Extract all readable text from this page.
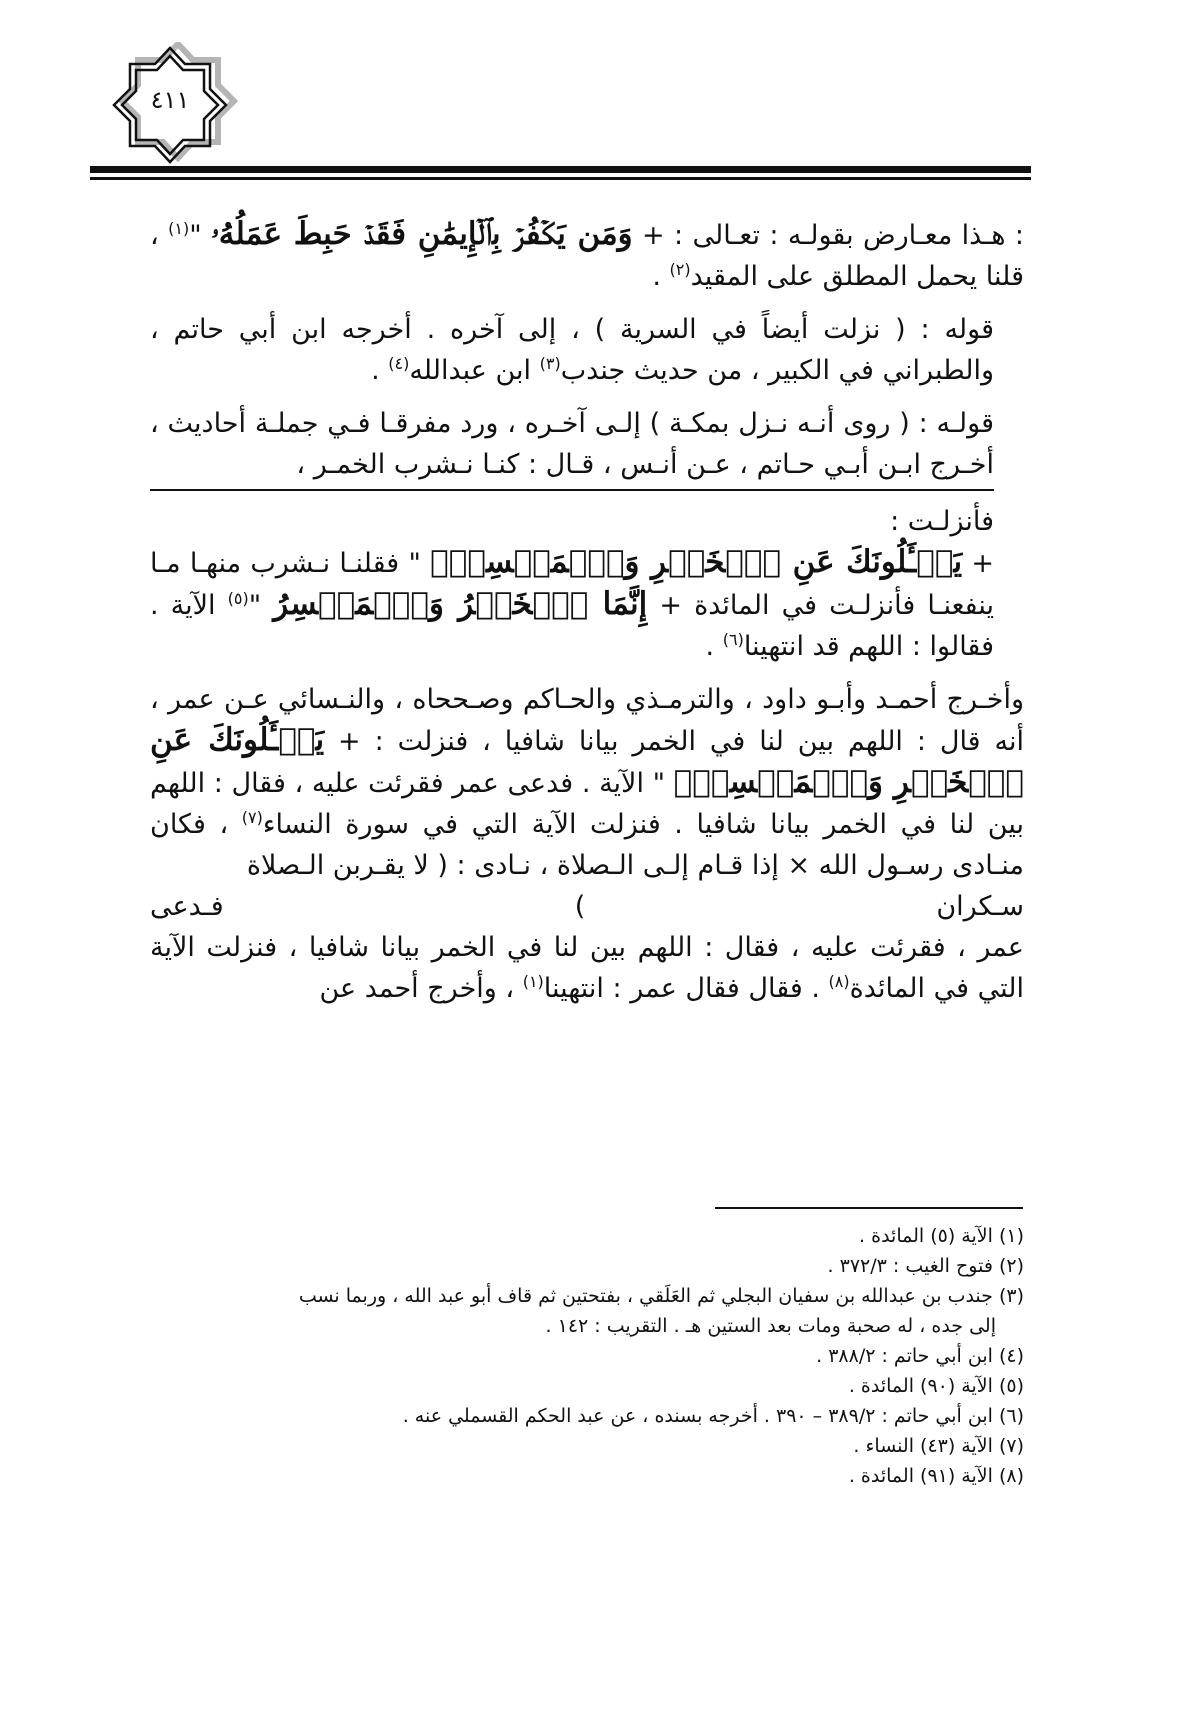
٤١١

: هـذا معـارض بقولـه : تعـالى : + وَمَن يَكۡفُرۡ بِٱلۡإِيمَٰنِ فَقَدۡ حَبِطَ عَمَلُهُۥ "$^{(١)}$ ، قلنا يحمل المطلق على المقيد$^{(٢)}$ .

قوله : ( نزلت أيضاً في السرية ) ، إلى آخره . أخرجه ابن أبي حاتم ، والطبراني في الكبير ، من حديث جندب$^{(٣)}$ ابن عبدالله$^{(٤)}$ .

قولـه : ( روى أنـه نـزل بمكـة ) إلـى آخـره ، ورد مفرقـا فـي جملـة أحاديث ، أخـرج ابـن أبـي حـاتم ، عـن أنـس ، قـال : كنـا نـشرب الخمـر ،
فأنزلـت :
+ يَسۡـَٔلُونَكَ عَنِ ٱلۡخَمۡرِ وَٱلۡمَيۡسِرِۖ " فقلنـا نـشرب منهـا مـا ينفعنـا فأنزلـت في المائدة + إِنَّمَا ٱلۡخَمۡرُ وَٱلۡمَيۡسِرُ "$^{(٥)}$ الآية . فقالوا : اللهم قد انتهينا$^{(٦)}$ .

وأخـرج أحمـد وأبـو داود ، والترمـذي والحـاكم وصـححاه ، والنـسائي عـن عمر ، أنه قال : اللهم بين لنا في الخمر بيانا شافيا ، فنزلت : + يَسۡـَٔلُونَكَ عَنِ ٱلۡخَمۡرِ وَٱلۡمَيۡسِرِۖ " الآية . فدعى عمر فقرئت عليه ، فقال : اللهم بين لنا في الخمر بيانا شافيا . فنزلت الآية التي في سورة النساء$^{(٧)}$ ، فكان منـادى رسـول الله × إذا قـام إلـى الـصلاة ، نـادى : ( لا يقـربن الـصلاة
سـكران ) فـدعى
عمر ، فقرئت عليه ، فقال : اللهم بين لنا في الخمر بيانا شافيا ، فنزلت الآية التي في المائدة$^{(٨)}$ . فقال فقال عمر : انتهينا$^{(١)}$ ، وأخرج أحمد عن

(١) الآية (٥) المائدة .

(٢) فتوح الغيب : ٣٧٢/٣ .

(٣) جندب بن عبدالله بن سفيان البجلي ثم العَلَقي ، بفتحتين ثم قاف أبو عبد الله ، وربما نسب

إلى جده ، له صحبة ومات بعد الستين هـ . التقريب : ١٤٢ .

(٤) ابن أبي حاتم : ٣٨٨/٢ .

(٥) الآية (٩٠) المائدة .

(٦) ابن أبي حاتم : ٣٨٩/٢ – ٣٩٠ . أخرجه بسنده ، عن عبد الحكم القسملي عنه .

(٧) الآية (٤٣) النساء .

(٨) الآية (٩١) المائدة .
